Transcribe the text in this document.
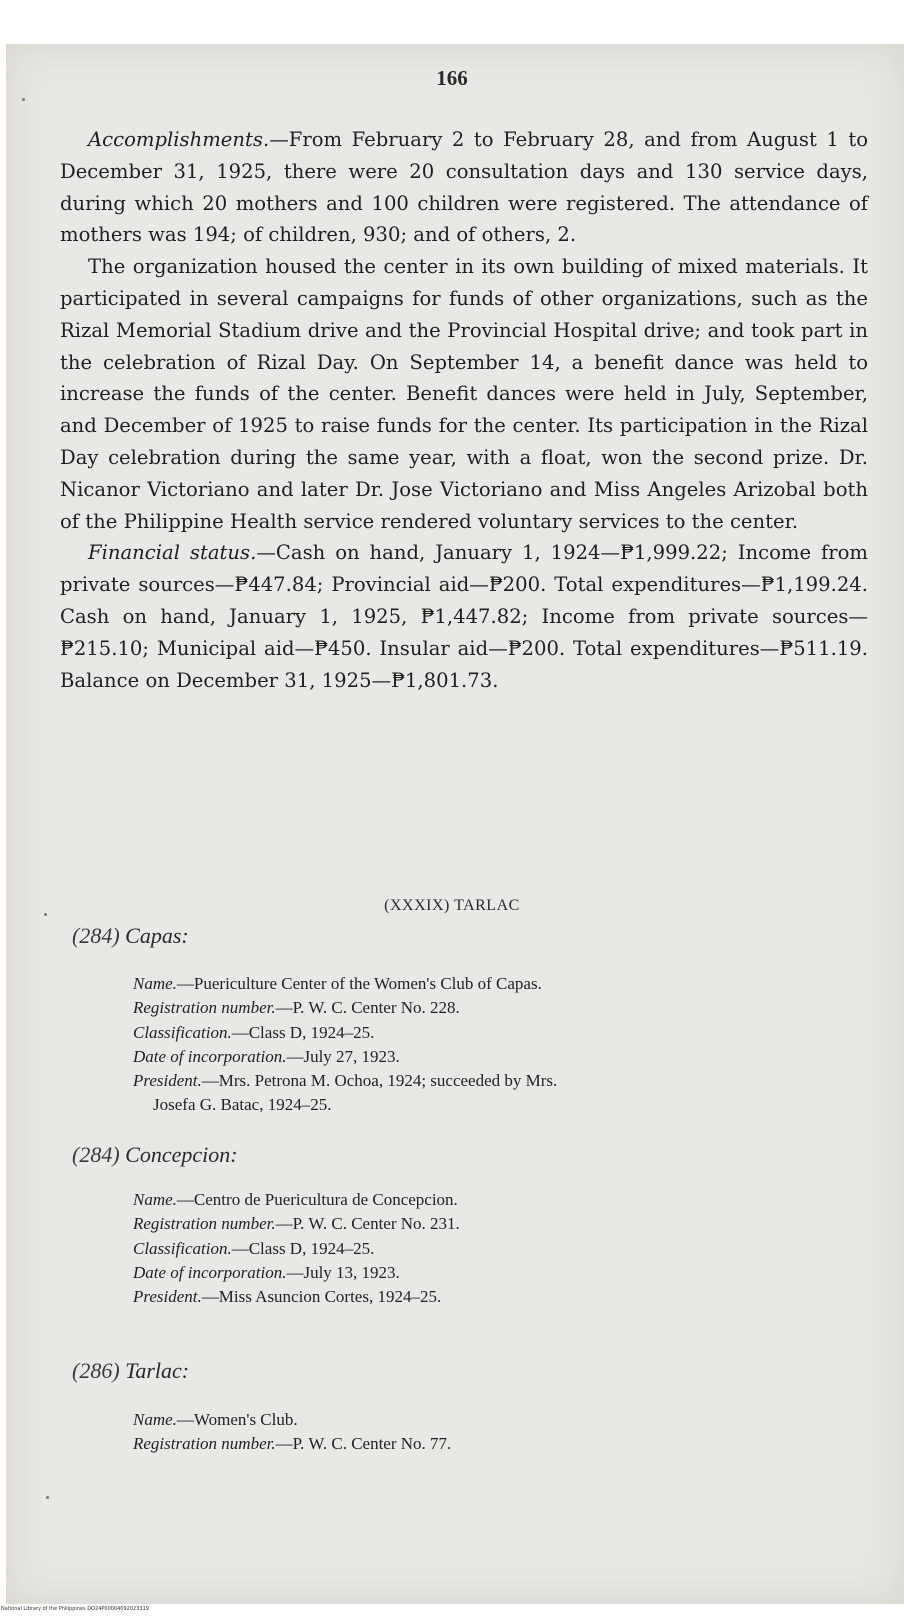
166

Accomplishments.—From February 2 to February 28, and from August 1 to December 31, 1925, there were 20 consultation days and 130 service days, during which 20 mothers and 100 children were registered. The attendance of mothers was 194; of children, 930; and of others, 2.

The organization housed the center in its own building of mixed materials. It participated in several campaigns for funds of other organizations, such as the Rizal Memorial Stadium drive and the Provincial Hospital drive; and took part in the celebration of Rizal Day. On September 14, a benefit dance was held to increase the funds of the center. Benefit dances were held in July, September, and December of 1925 to raise funds for the center. Its participation in the Rizal Day celebration during the same year, with a float, won the second prize. Dr. Nicanor Victoriano and later Dr. Jose Victoriano and Miss Angeles Arizobal both of the Philippine Health service rendered voluntary services to the center.

Financial status.—Cash on hand, January 1, 1924—₱1,999.22; Income from private sources—₱447.84; Provincial aid—₱200. Total expenditures—₱1,199.24. Cash on hand, January 1, 1925, ₱1,447.82; Income from private sources—₱215.10; Municipal aid—₱450. Insular aid—₱200. Total expenditures—₱511.19. Balance on December 31, 1925—₱1,801.73.

(XXXIX) TARLAC
(284) Capas:
Name.—Puericulture Center of the Women's Club of Capas.
Registration number.—P. W. C. Center No. 228.
Classification.—Class D, 1924–25.
Date of incorporation.—July 27, 1923.
President.—Mrs. Petrona M. Ochoa, 1924; succeeded by Mrs.
Josefa G. Batac, 1924–25.
(284) Concepcion:
Name.—Centro de Puericultura de Concepcion.
Registration number.—P. W. C. Center No. 231.
Classification.—Class D, 1924–25.
Date of incorporation.—July 13, 1923.
President.—Miss Asuncion Cortes, 1924–25.
(286) Tarlac:
Name.—Women's Club.
Registration number.—P. W. C. Center No. 77.
National Library of the Philippines DO24P00004092023319
